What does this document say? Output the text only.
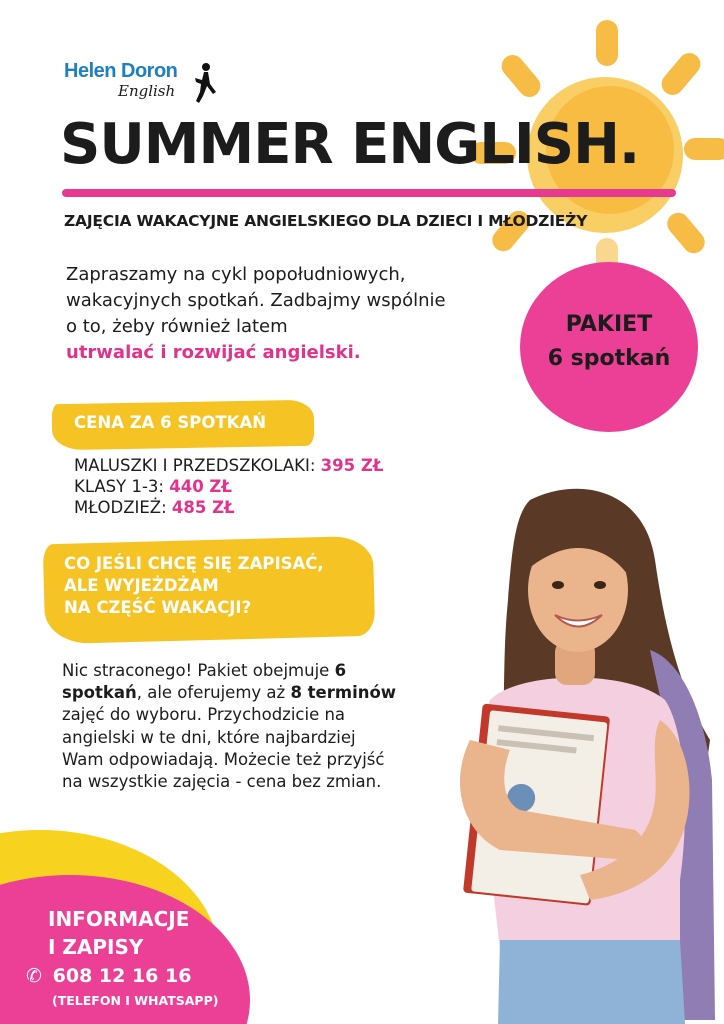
Helen Doron
English
SUMMER ENGLISH.
ZAJĘCIA WAKACYJNE ANGIELSKIEGO DLA DZIECI I MŁODZIEŻY
Zapraszamy na cykl popołudniowych,
wakacyjnych spotkań. Zadbajmy wspólnie
o to, żeby również latem
utrwalać i rozwijać angielski.
PAKIET
6 spotkań
CENA ZA 6 SPOTKAŃ
MALUSZKI I PRZEDSZKOLAKI: 395 ZŁ
KLASY 1-3: 440 ZŁ
MŁODZIEŻ: 485 ZŁ
CO JEŚLI CHCĘ SIĘ ZAPISAĆ,
ALE WYJEŻDŻAM
NA CZĘŚĆ WAKACJI?
Nic straconego! Pakiet obejmuje 6
spotkań, ale oferujemy aż 8 terminów
zajęć do wyboru. Przychodzicie na
angielski w te dni, które najbardziej
Wam odpowiadają. Możecie też przyjść
na wszystkie zajęcia - cena bez zmian.
INFORMACJE
I ZAPISY
✆ 608 12 16 16
(TELEFON I WHATSAPP)
